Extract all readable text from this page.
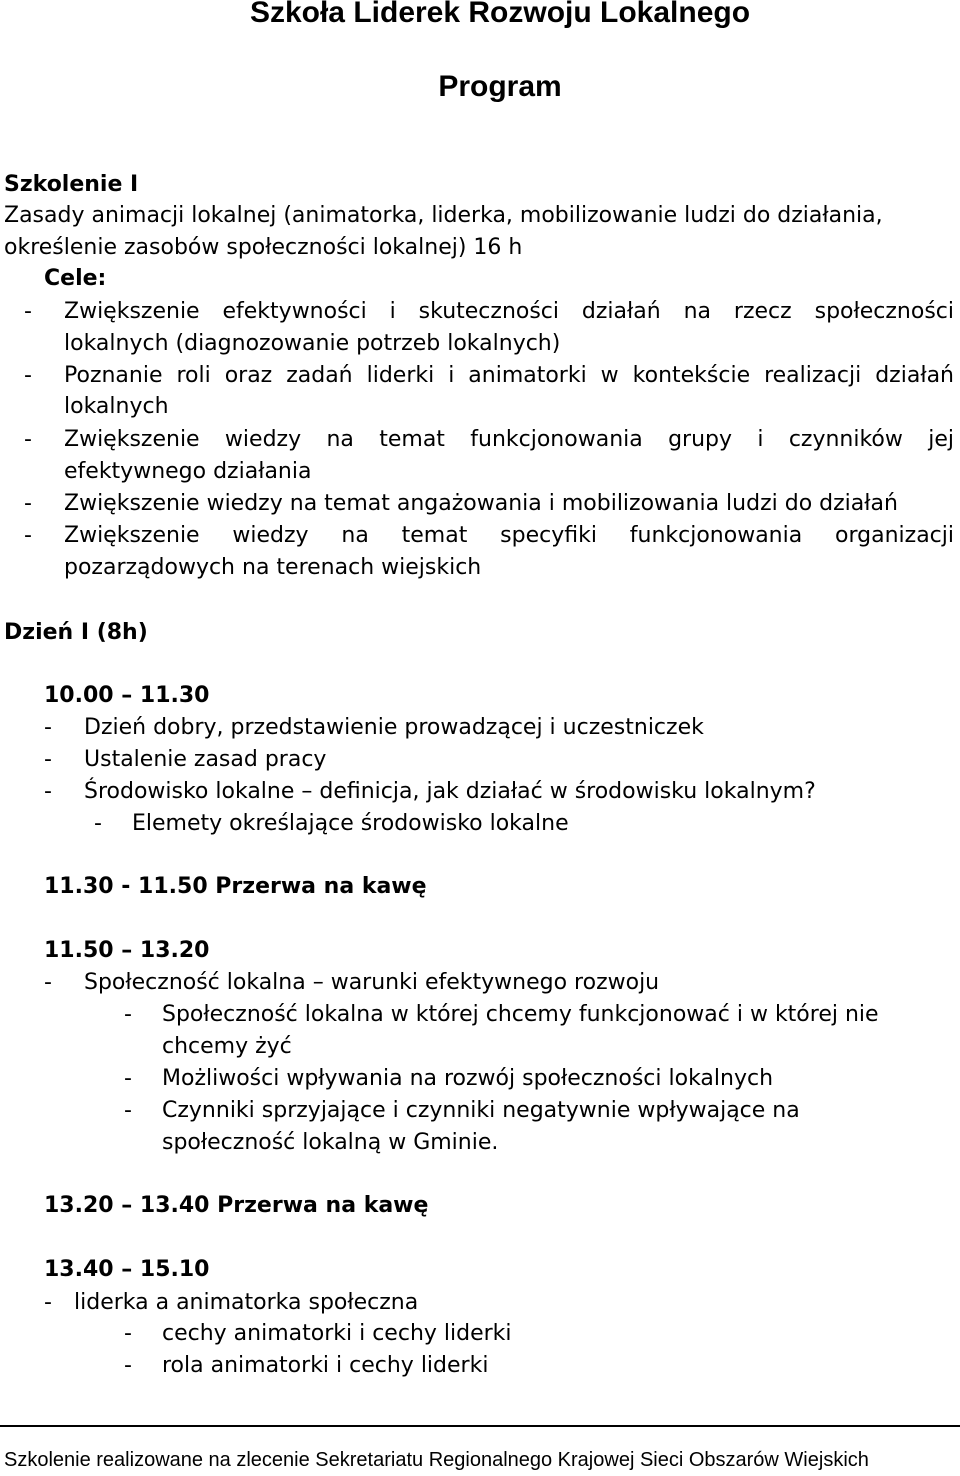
Szkoła Liderek Rozwoju Lokalnego
Program
Szkolenie I
Zasady animacji lokalnej (animatorka, liderka, mobilizowanie ludzi do działania,
określenie zasobów społeczności lokalnej) 16 h
Cele:
- Zwiększenie efektywności i skuteczności działań na rzecz społeczności
lokalnych (diagnozowanie potrzeb lokalnych)
- Poznanie roli oraz zadań liderki i animatorki w kontekście realizacji działań
lokalnych
- Zwiększenie wiedzy na temat funkcjonowania grupy i czynników jej
efektywnego działania
- Zwiększenie wiedzy na temat angażowania i mobilizowania ludzi do działań
- Zwiększenie wiedzy na temat specyfiki funkcjonowania organizacji
pozarządowych na terenach wiejskich
Dzień I (8h)
10.00 – 11.30
- Dzień dobry, przedstawienie prowadzącej i uczestniczek
- Ustalenie zasad pracy
- Środowisko lokalne – definicja, jak działać w środowisku lokalnym?
- Elemety określające środowisko lokalne
11.30 - 11.50 Przerwa na kawę
11.50 – 13.20
- Społeczność lokalna – warunki efektywnego rozwoju
- Społeczność lokalna w której chcemy funkcjonować i w której nie
chcemy żyć
- Możliwości wpływania na rozwój społeczności lokalnych
- Czynniki sprzyjające i czynniki negatywnie wpływające na
społeczność lokalną w Gminie.
13.20 – 13.40 Przerwa na kawę
13.40 – 15.10
- liderka a animatorka społeczna
- cechy animatorki i cechy liderki
- rola animatorki i cechy liderki
Szkolenie realizowane na zlecenie Sekretariatu Regionalnego Krajowej Sieci Obszarów Wiejskich
